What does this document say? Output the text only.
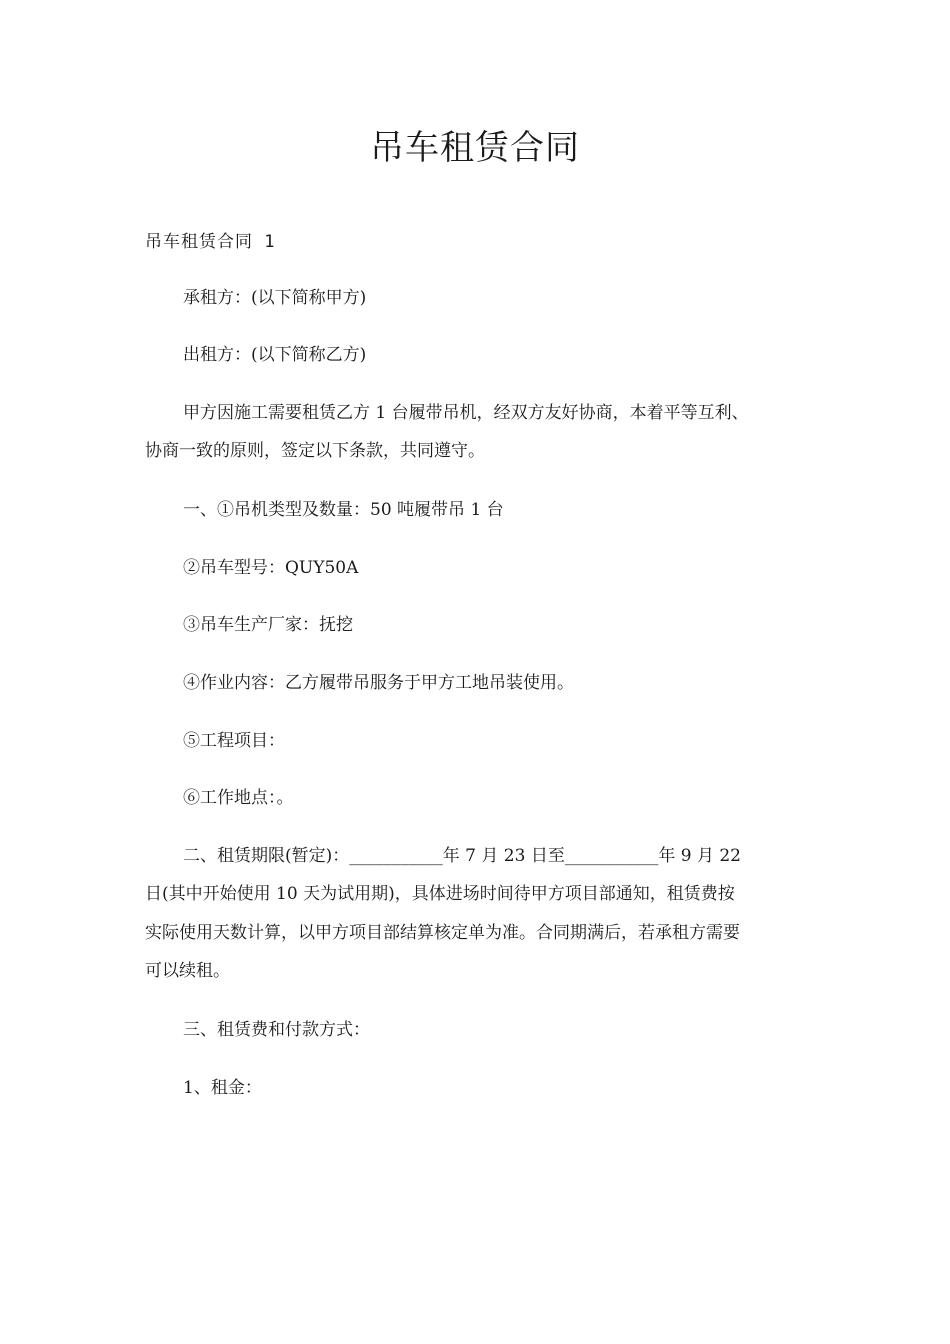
吊车租赁合同

吊车租赁合同 1

承租方：(以下简称甲方)

出租方：(以下简称乙方)

甲方因施工需要租赁乙方 1 台履带吊机，经双方友好协商，本着平等互利、

协商一致的原则，签定以下条款，共同遵守。

一、①吊机类型及数量：50 吨履带吊 1 台

②吊车型号：QUY50A

③吊车生产厂家：抚挖

④作业内容：乙方履带吊服务于甲方工地吊装使用。

⑤工程项目：

⑥工作地点：。

二、租赁期限(暂定)：___________年 7 月 23 日至___________年 9 月 22

日(其中开始使用 10 天为试用期)，具体进场时间待甲方项目部通知，租赁费按

实际使用天数计算，以甲方项目部结算核定单为准。合同期满后，若承租方需要

可以续租。

三、租赁费和付款方式：

1、租金：
